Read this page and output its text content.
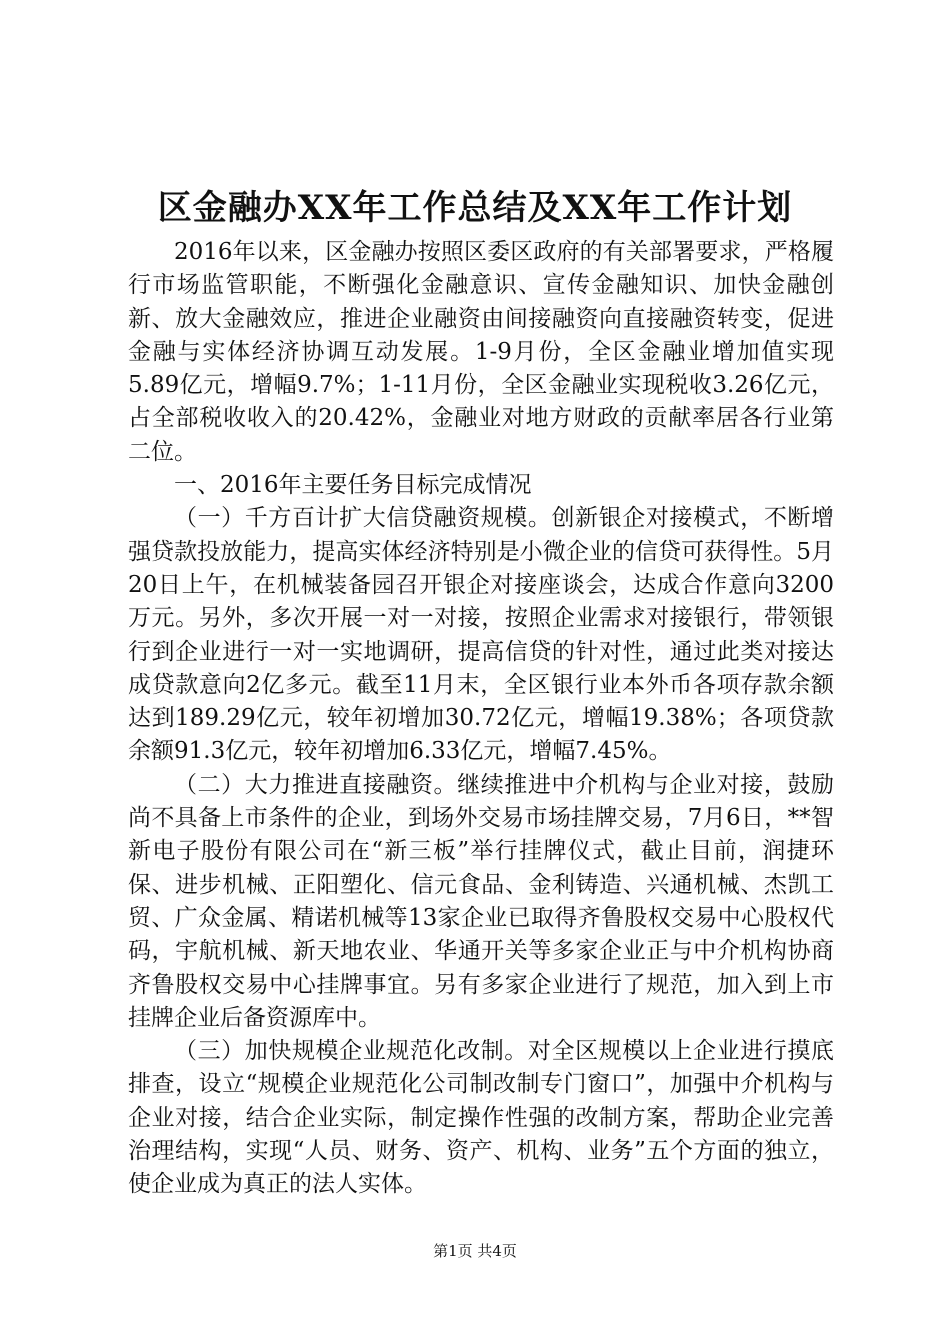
区金融办XX年工作总结及XX年工作计划

2016年以来，区金融办按照区委区政府的有关部署要求，严格履行市场监管职能，不断强化金融意识、宣传金融知识、加快金融创新、放大金融效应，推进企业融资由间接融资向直接融资转变，促进金融与实体经济协调互动发展。1-9月份，全区金融业增加值实现5.89亿元，增幅9.7%；1-11月份，全区金融业实现税收3.26亿元，占全部税收收入的20.42%，金融业对地方财政的贡献率居各行业第二位。

一、2016年主要任务目标完成情况

（一）千方百计扩大信贷融资规模。创新银企对接模式，不断增强贷款投放能力，提高实体经济特别是小微企业的信贷可获得性。5月20日上午，在机械装备园召开银企对接座谈会，达成合作意向3200万元。另外，多次开展一对一对接，按照企业需求对接银行，带领银行到企业进行一对一实地调研，提高信贷的针对性，通过此类对接达成贷款意向2亿多元。截至11月末，全区银行业本外币各项存款余额达到189.29亿元，较年初增加30.72亿元，增幅19.38%；各项贷款余额91.3亿元，较年初增加6.33亿元，增幅7.45%。

（二）大力推进直接融资。继续推进中介机构与企业对接，鼓励尚不具备上市条件的企业，到场外交易市场挂牌交易，7月6日，**智新电子股份有限公司在“新三板”举行挂牌仪式，截止目前，润捷环保、进步机械、正阳塑化、信元食品、金利铸造、兴通机械、杰凯工贸、广众金属、精诺机械等13家企业已取得齐鲁股权交易中心股权代码，宇航机械、新天地农业、华通开关等多家企业正与中介机构协商齐鲁股权交易中心挂牌事宜。另有多家企业进行了规范，加入到上市挂牌企业后备资源库中。

（三）加快规模企业规范化改制。对全区规模以上企业进行摸底排查，设立“规模企业规范化公司制改制专门窗口”，加强中介机构与企业对接，结合企业实际，制定操作性强的改制方案，帮助企业完善治理结构，实现“人员、财务、资产、机构、业务”五个方面的独立，使企业成为真正的法人实体。

第1页 共4页
